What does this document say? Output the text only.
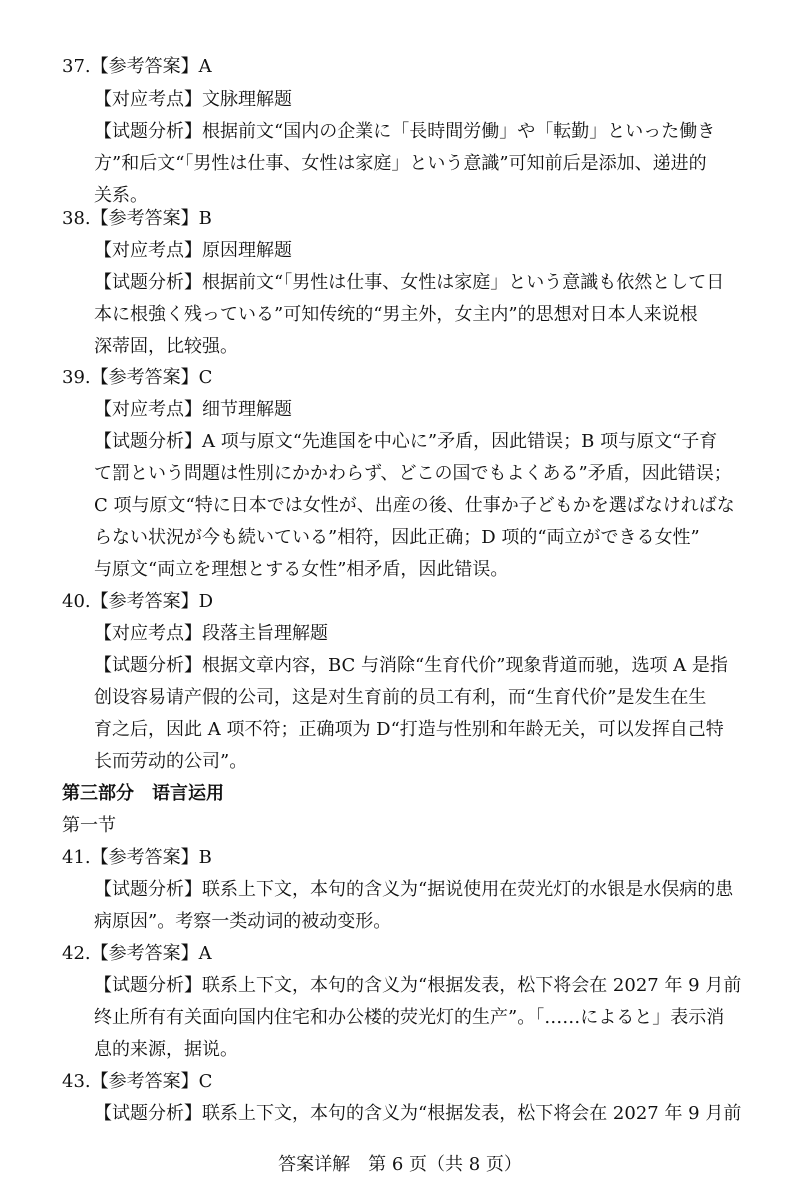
37.【参考答案】A
【对应考点】文脉理解题
【试题分析】根据前文“国内の企業に「長時間労働」や「転勤」といった働き
方”和后文“「男性は仕事、女性は家庭」という意識”可知前后是添加、递进的
关系。
38.【参考答案】B
【对应考点】原因理解题
【试题分析】根据前文“「男性は仕事、女性は家庭」という意識も依然として日
本に根強く残っている”可知传统的“男主外，女主内”的思想对日本人来说根
深蒂固，比较强。
39.【参考答案】C
【对应考点】细节理解题
【试题分析】A 项与原文“先進国を中心に”矛盾，因此错误；B 项与原文“子育
て罰という問題は性別にかかわらず、どこの国でもよくある”矛盾，因此错误；
C 项与原文“特に日本では女性が、出産の後、仕事か子どもかを選ばなければな
らない状況が今も続いている”相符，因此正确；D 项的“両立ができる女性”
与原文“両立を理想とする女性”相矛盾，因此错误。
40.【参考答案】D
【对应考点】段落主旨理解题
【试题分析】根据文章内容，BC 与消除“生育代价”现象背道而驰，选项 A 是指
创设容易请产假的公司，这是对生育前的员工有利，而“生育代价”是发生在生
育之后，因此 A 项不符；正确项为 D“打造与性别和年龄无关，可以发挥自己特
长而劳动的公司”。
第三部分　语言运用
第一节
41.【参考答案】B
【试题分析】联系上下文，本句的含义为“据说使用在荧光灯的水银是水俣病的患
病原因”。考察一类动词的被动变形。
42.【参考答案】A
【试题分析】联系上下文，本句的含义为“根据发表，松下将会在 2027 年 9 月前
终止所有有关面向国内住宅和办公楼的荧光灯的生产”。「……によると」表示消
息的来源，据说。
43.【参考答案】C
【试题分析】联系上下文，本句的含义为“根据发表，松下将会在 2027 年 9 月前
答案详解　第 6 页（共 8 页）
